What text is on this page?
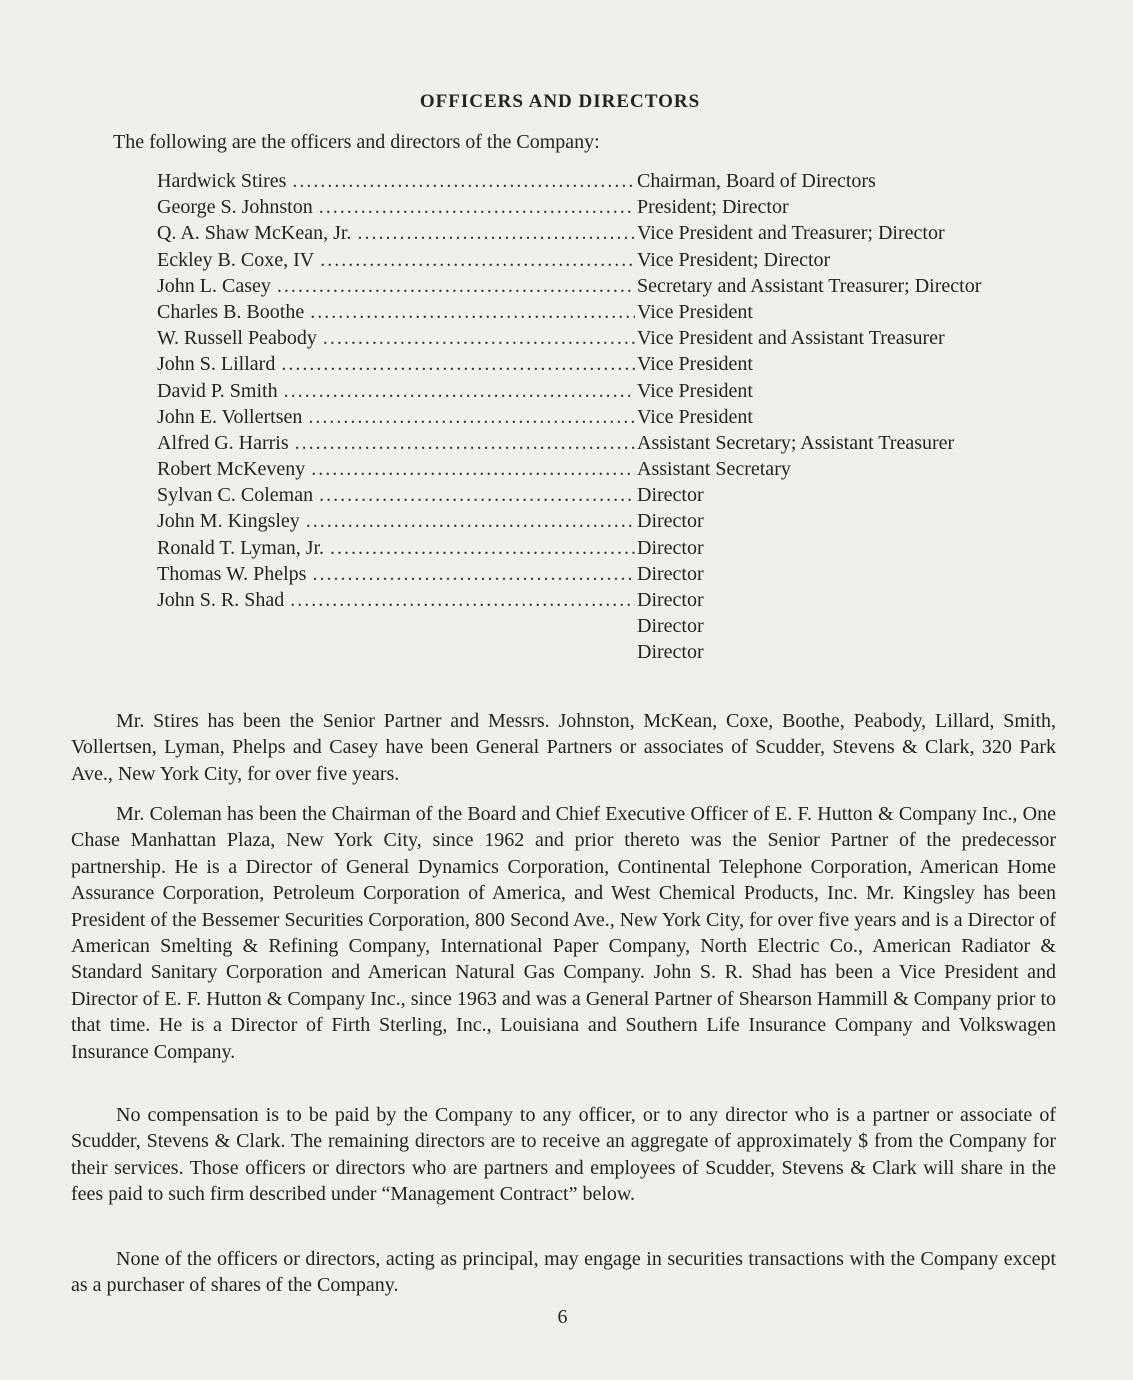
OFFICERS AND DIRECTORS
The following are the officers and directors of the Company:
Hardwick Stires .....	Chairman, Board of Directors
George S. Johnston .....	President; Director
Q. A. Shaw McKean, Jr. .....	Vice President and Treasurer; Director
Eckley B. Coxe, IV .....	Vice President; Director
John L. Casey .....	Secretary and Assistant Treasurer; Director
Charles B. Boothe .....	Vice President
W. Russell Peabody .....	Vice President and Assistant Treasurer
John S. Lillard .....	Vice President
David P. Smith .....	Vice President
John E. Vollertsen .....	Vice President
Alfred G. Harris .....	Assistant Secretary; Assistant Treasurer
Robert McKeveny .....	Assistant Secretary
Sylvan C. Coleman .....	Director
John M. Kingsley .....	Director
Ronald T. Lyman, Jr. .....	Director
Thomas W. Phelps .....	Director
John S. R. Shad .....	Director
Director
Director

Mr. Stires has been the Senior Partner and Messrs. Johnston, McKean, Coxe, Boothe, Peabody, Lillard, Smith, Vollertsen, Lyman, Phelps and Casey have been General Partners or associates of Scudder, Stevens & Clark, 320 Park Ave., New York City, for over five years.

Mr. Coleman has been the Chairman of the Board and Chief Executive Officer of E. F. Hutton & Company Inc., One Chase Manhattan Plaza, New York City, since 1962 and prior thereto was the Senior Partner of the predecessor partnership. He is a Director of General Dynamics Corporation, Continental Telephone Corporation, American Home Assurance Corporation, Petroleum Corporation of America, and West Chemical Products, Inc. Mr. Kingsley has been President of the Bessemer Securities Corporation, 800 Second Ave., New York City, for over five years and is a Director of American Smelting & Refining Company, International Paper Company, North Electric Co., American Radiator & Standard Sanitary Corporation and American Natural Gas Company. John S. R. Shad has been a Vice President and Director of E. F. Hutton & Company Inc., since 1963 and was a General Partner of Shearson Hammill & Company prior to that time. He is a Director of Firth Sterling, Inc., Louisiana and Southern Life Insurance Company and Volkswagen Insurance Company.

No compensation is to be paid by the Company to any officer, or to any director who is a partner or associate of Scudder, Stevens & Clark. The remaining directors are to receive an aggregate of approximately $ from the Company for their services. Those officers or directors who are partners and employees of Scudder, Stevens & Clark will share in the fees paid to such firm described under “Management Contract” below.

None of the officers or directors, acting as principal, may engage in securities transactions with the Company except as a purchaser of shares of the Company.

6
